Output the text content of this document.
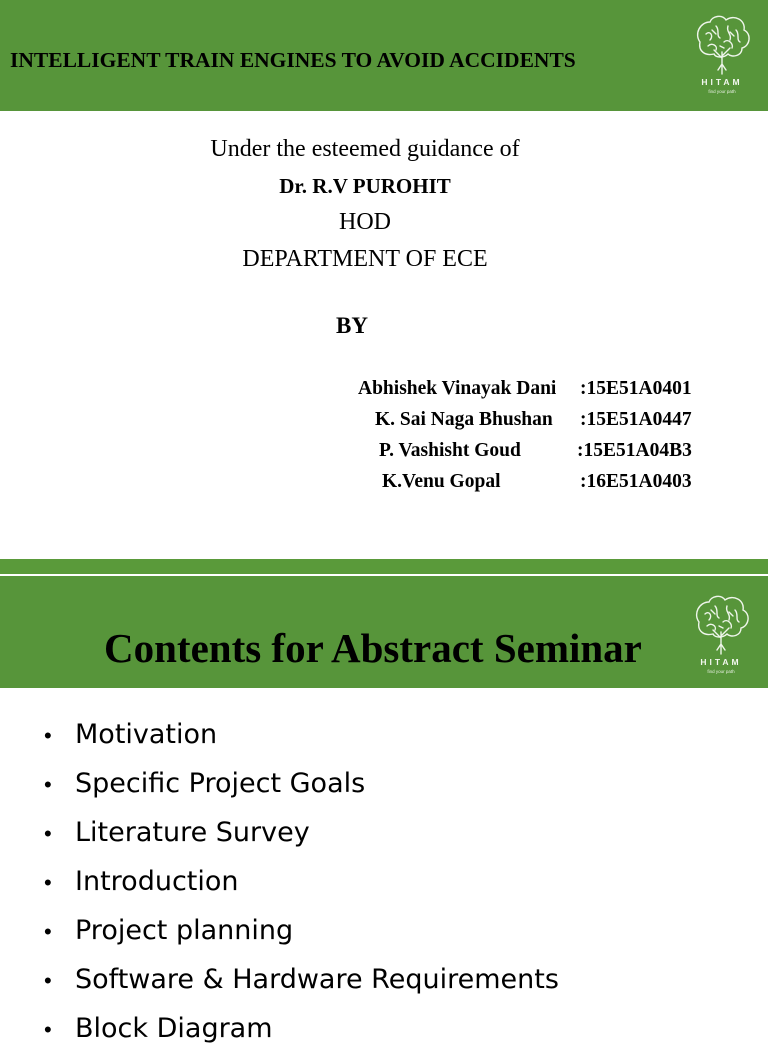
INTELLIGENT TRAIN ENGINES TO AVOID ACCIDENTS
HITAM
find your path
Under the esteemed guidance of
Dr. R.V PUROHIT
HOD
DEPARTMENT OF ECE
BY
Abhishek Vinayak Dani :15E51A0401
K. Sai Naga Bhushan :15E51A0447
P. Vashisht Goud	:15E51A04B3
K.Venu Gopal	:16E51A0403
Contents for Abstract Seminar	HITAM
find your path
• Motivation
• Specific Project Goals
• Literature Survey
• Introduction
• Project planning
• Software & Hardware Requirements
• Block Diagram
